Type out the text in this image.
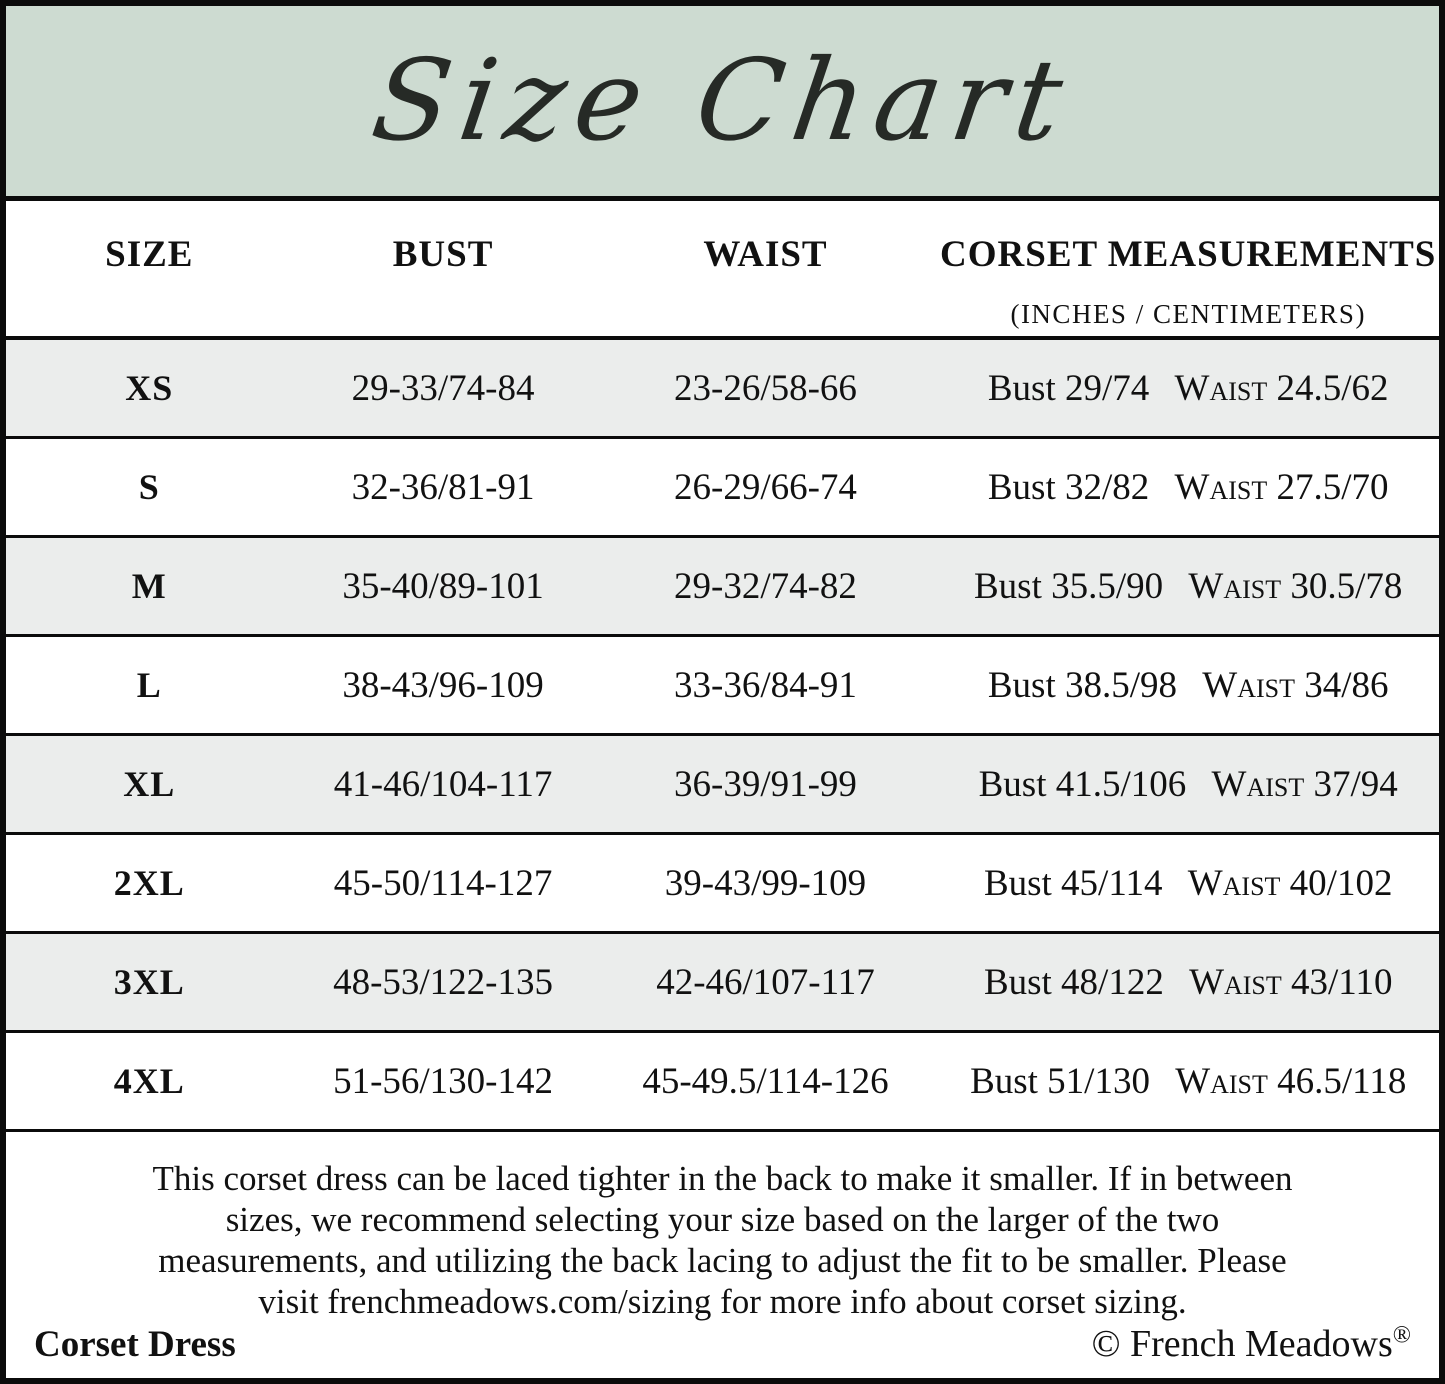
Size Chart
SIZE	BUST	WAIST	CORSET MEASUREMENTS
(INCHES / CENTIMETERS)
XS	29-33/74-84	23-26/58-66	Bust 29/74 Waist 24.5/62
S	32-36/81-91	26-29/66-74	Bust 32/82 Waist 27.5/70
M	35-40/89-101	29-32/74-82	Bust 35.5/90 Waist 30.5/78
L	38-43/96-109	33-36/84-91	Bust 38.5/98 Waist 34/86
XL	41-46/104-117	36-39/91-99	Bust 41.5/106 Waist 37/94
2XL	45-50/114-127	39-43/99-109	Bust 45/114 Waist 40/102
3XL	48-53/122-135	42-46/107-117	Bust 48/122 Waist 43/110
4XL	51-56/130-142	45-49.5/114-126	Bust 51/130 Waist 46.5/118
This corset dress can be laced tighter in the back to make it smaller. If in between
sizes, we recommend selecting your size based on the larger of the two
measurements, and utilizing the back lacing to adjust the fit to be smaller. Please
visit frenchmeadows.com/sizing for more info about corset sizing.
Corset Dress	© French Meadows®
